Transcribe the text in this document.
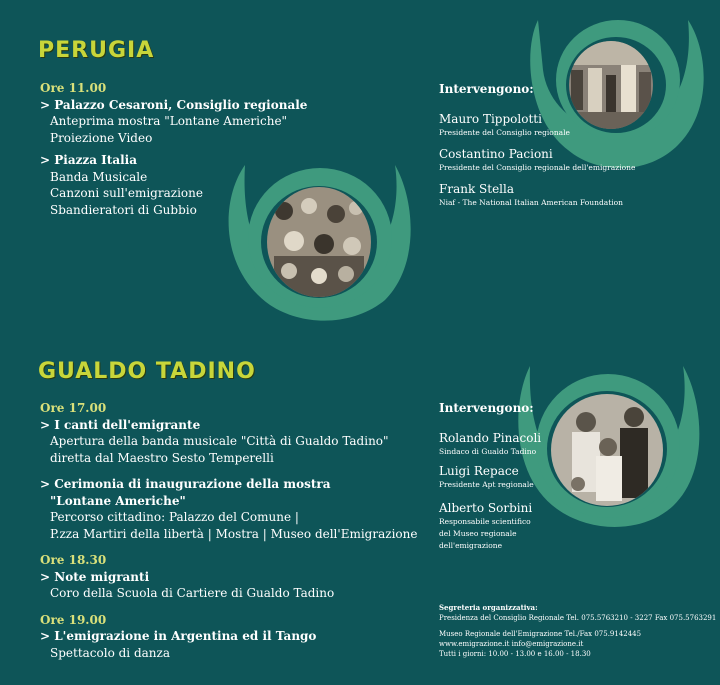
PERUGIA
Ore 11.00
> Palazzo Cesaroni, Consiglio regionale
Anteprima mostra "Lontane Americhe"
Proiezione Video
> Piazza Italia
Banda Musicale
Canzoni sull'emigrazione
Sbandieratori di Gubbio
Intervengono:
Mauro Tippolotti
Presidente del Consiglio regionale
Costantino Pacioni
Presidente del Consiglio regionale dell'emigrazione
Frank Stella
Niaf - The National Italian American Foundation
GUALDO TADINO
Ore 17.00
> I canti dell'emigrante
Apertura della banda musicale "Città di Gualdo Tadino"
diretta dal Maestro Sesto Temperelli
> Cerimonia di inaugurazione della mostra
"Lontane Americhe"
Percorso cittadino: Palazzo del Comune |
P.zza Martiri della libertà | Mostra | Museo dell'Emigrazione
Ore 18.30
> Note migranti
Coro della Scuola di Cartiere di Gualdo Tadino
Ore 19.00
> L'emigrazione in Argentina ed il Tango
Spettacolo di danza
Intervengono:
Rolando Pinacoli
Sindaco di Gualdo Tadino
Luigi Repace
Presidente Apt regionale
Alberto Sorbini
Responsabile scientifico
del Museo regionale
dell'emigrazione
Segreteria organizzativa:
Presidenza del Consiglio Regionale Tel. 075.5763210 - 3227 Fax 075.5763291
Museo Regionale dell'Emigrazione Tel./Fax 075.9142445
www.emigrazione.it info@emigrazione.it
Tutti i giorni: 10.00 - 13.00 e 16.00 - 18.30
